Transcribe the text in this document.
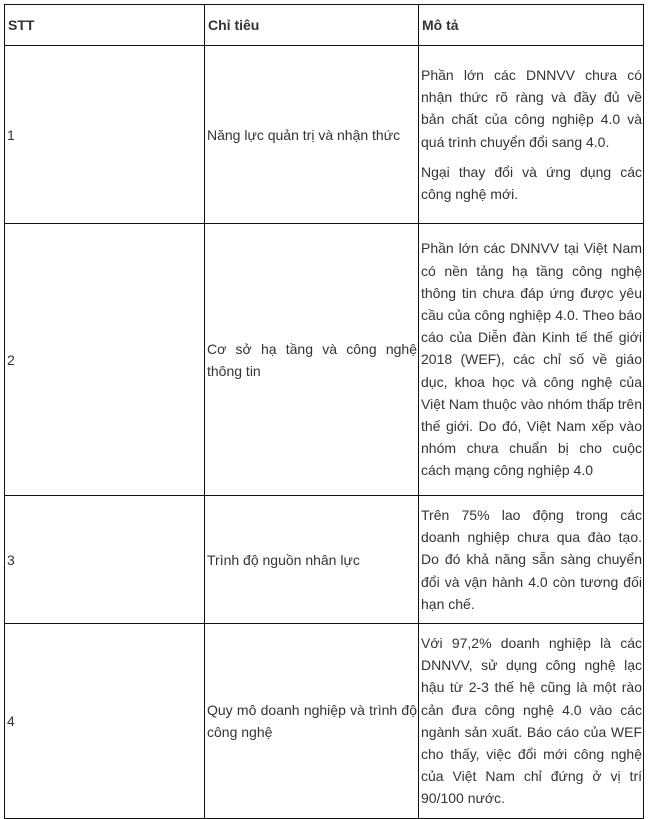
STT	Chỉ tiêu	Mô tả
1	Năng lực quản trị và nhận thức	Phần lớn các DNNVV chưa có nhận thức rõ ràng và đầy đủ về bản chất của công nghiệp 4.0 và quá trình chuyển đổi sang 4.0.

Ngại thay đổi và ứng dụng các công nghệ mới.

2	Cơ sở hạ tầng và công nghệ thông tin	Phần lớn các DNNVV tại Việt Nam có nền tảng hạ tầng công nghệ thông tin chưa đáp ứng được yêu cầu của công nghiệp 4.0. Theo báo cáo của Diễn đàn Kinh tế thế giới 2018 (WEF), các chỉ số về giáo dục, khoa học và công nghệ của Việt Nam thuộc vào nhóm thấp trên thế giới. Do đó, Việt Nam xếp vào nhóm chưa chuẩn bị cho cuộc cách mạng công nghiệp 4.0

3	Trình độ nguồn nhân lực	Trên 75% lao động trong các doanh nghiệp chưa qua đào tạo. Do đó khả năng sẵn sàng chuyển đổi và vận hành 4.0 còn tương đối hạn chế.

4	Quy mô doanh nghiệp và trình độ công nghệ	Với 97,2% doanh nghiệp là các DNNVV, sử dụng công nghệ lạc hậu từ 2-3 thế hệ cũng là một rào cản đưa công nghệ 4.0 vào các ngành sản xuất. Báo cáo của WEF cho thấy, việc đổi mới công nghệ của Việt Nam chỉ đứng ở vị trí 90/100 nước.
